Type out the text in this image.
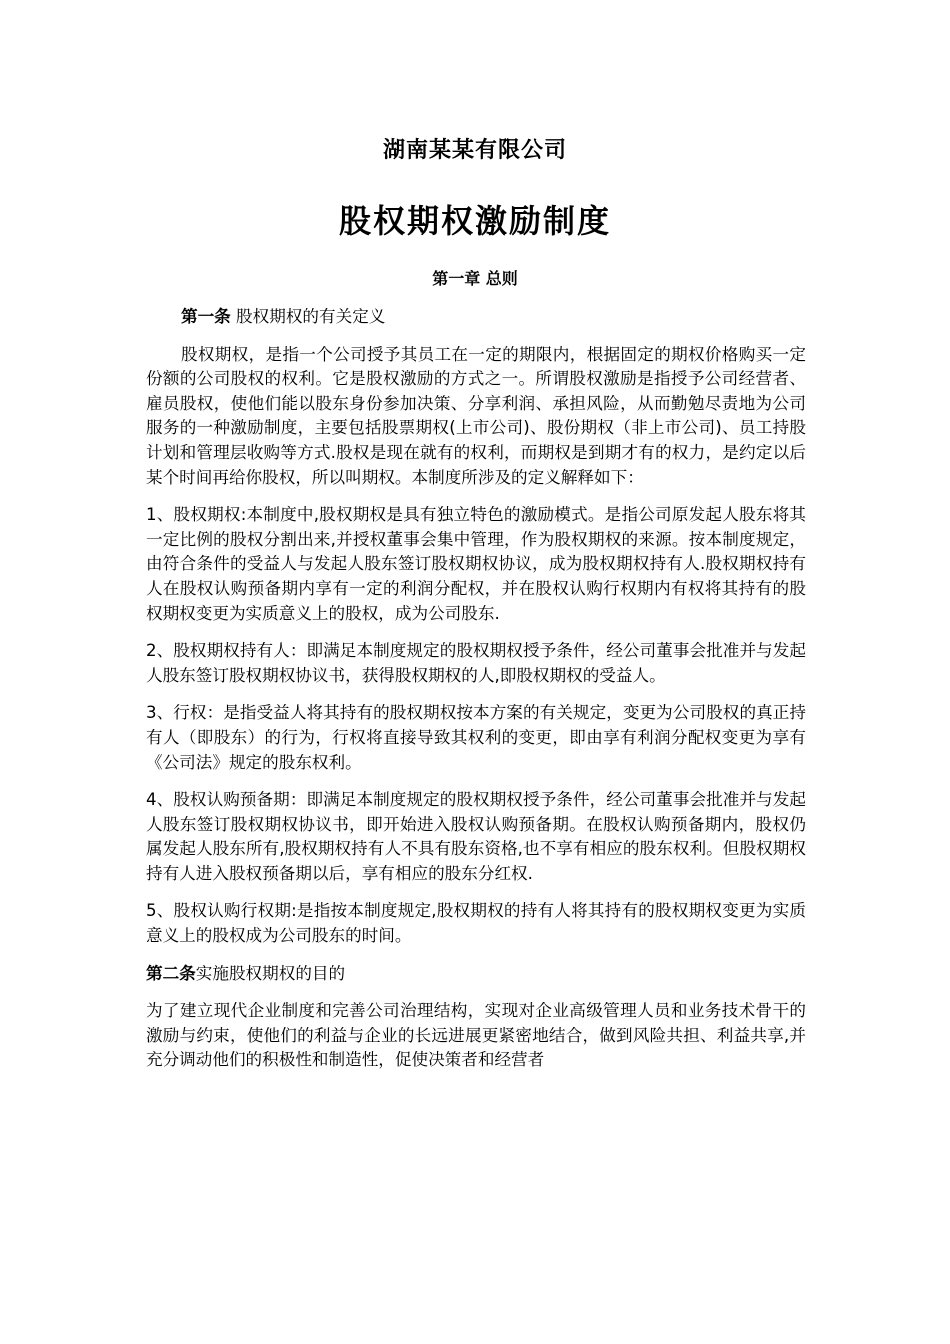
湖南某某有限公司
股权期权激励制度
第一章 总则

第一条 股权期权的有关定义

股权期权，是指一个公司授予其员工在一定的期限内，根据固定的期权价格购买一定份额的公司股权的权利。它是股权激励的方式之一。所谓股权激励是指授予公司经营者、雇员股权，使他们能以股东身份参加决策、分享利润、承担风险，从而勤勉尽责地为公司服务的一种激励制度，主要包括股票期权(上市公司)、股份期权（非上市公司)、员工持股计划和管理层收购等方式.股权是现在就有的权利，而期权是到期才有的权力，是约定以后某个时间再给你股权，所以叫期权。本制度所涉及的定义解释如下：

1、股权期权:本制度中,股权期权是具有独立特色的激励模式。是指公司原发起人股东将其一定比例的股权分割出来,并授权董事会集中管理，作为股权期权的来源。按本制度规定，由符合条件的受益人与发起人股东签订股权期权协议，成为股权期权持有人.股权期权持有人在股权认购预备期内享有一定的利润分配权，并在股权认购行权期内有权将其持有的股权期权变更为实质意义上的股权，成为公司股东.

2、股权期权持有人：即满足本制度规定的股权期权授予条件，经公司董事会批准并与发起人股东签订股权期权协议书，获得股权期权的人,即股权期权的受益人。

3、行权：是指受益人将其持有的股权期权按本方案的有关规定，变更为公司股权的真正持有人（即股东）的行为，行权将直接导致其权利的变更，即由享有利润分配权变更为享有《公司法》规定的股东权利。

4、股权认购预备期：即满足本制度规定的股权期权授予条件，经公司董事会批准并与发起人股东签订股权期权协议书，即开始进入股权认购预备期。在股权认购预备期内，股权仍属发起人股东所有,股权期权持有人不具有股东资格,也不享有相应的股东权利。但股权期权持有人进入股权预备期以后，享有相应的股东分红权.

5、股权认购行权期:是指按本制度规定,股权期权的持有人将其持有的股权期权变更为实质意义上的股权成为公司股东的时间。

第二条实施股权期权的目的

为了建立现代企业制度和完善公司治理结构，实现对企业高级管理人员和业务技术骨干的激励与约束，使他们的利益与企业的长远进展更紧密地结合，做到风险共担、利益共享,并充分调动他们的积极性和制造性，促使决策者和经营者
